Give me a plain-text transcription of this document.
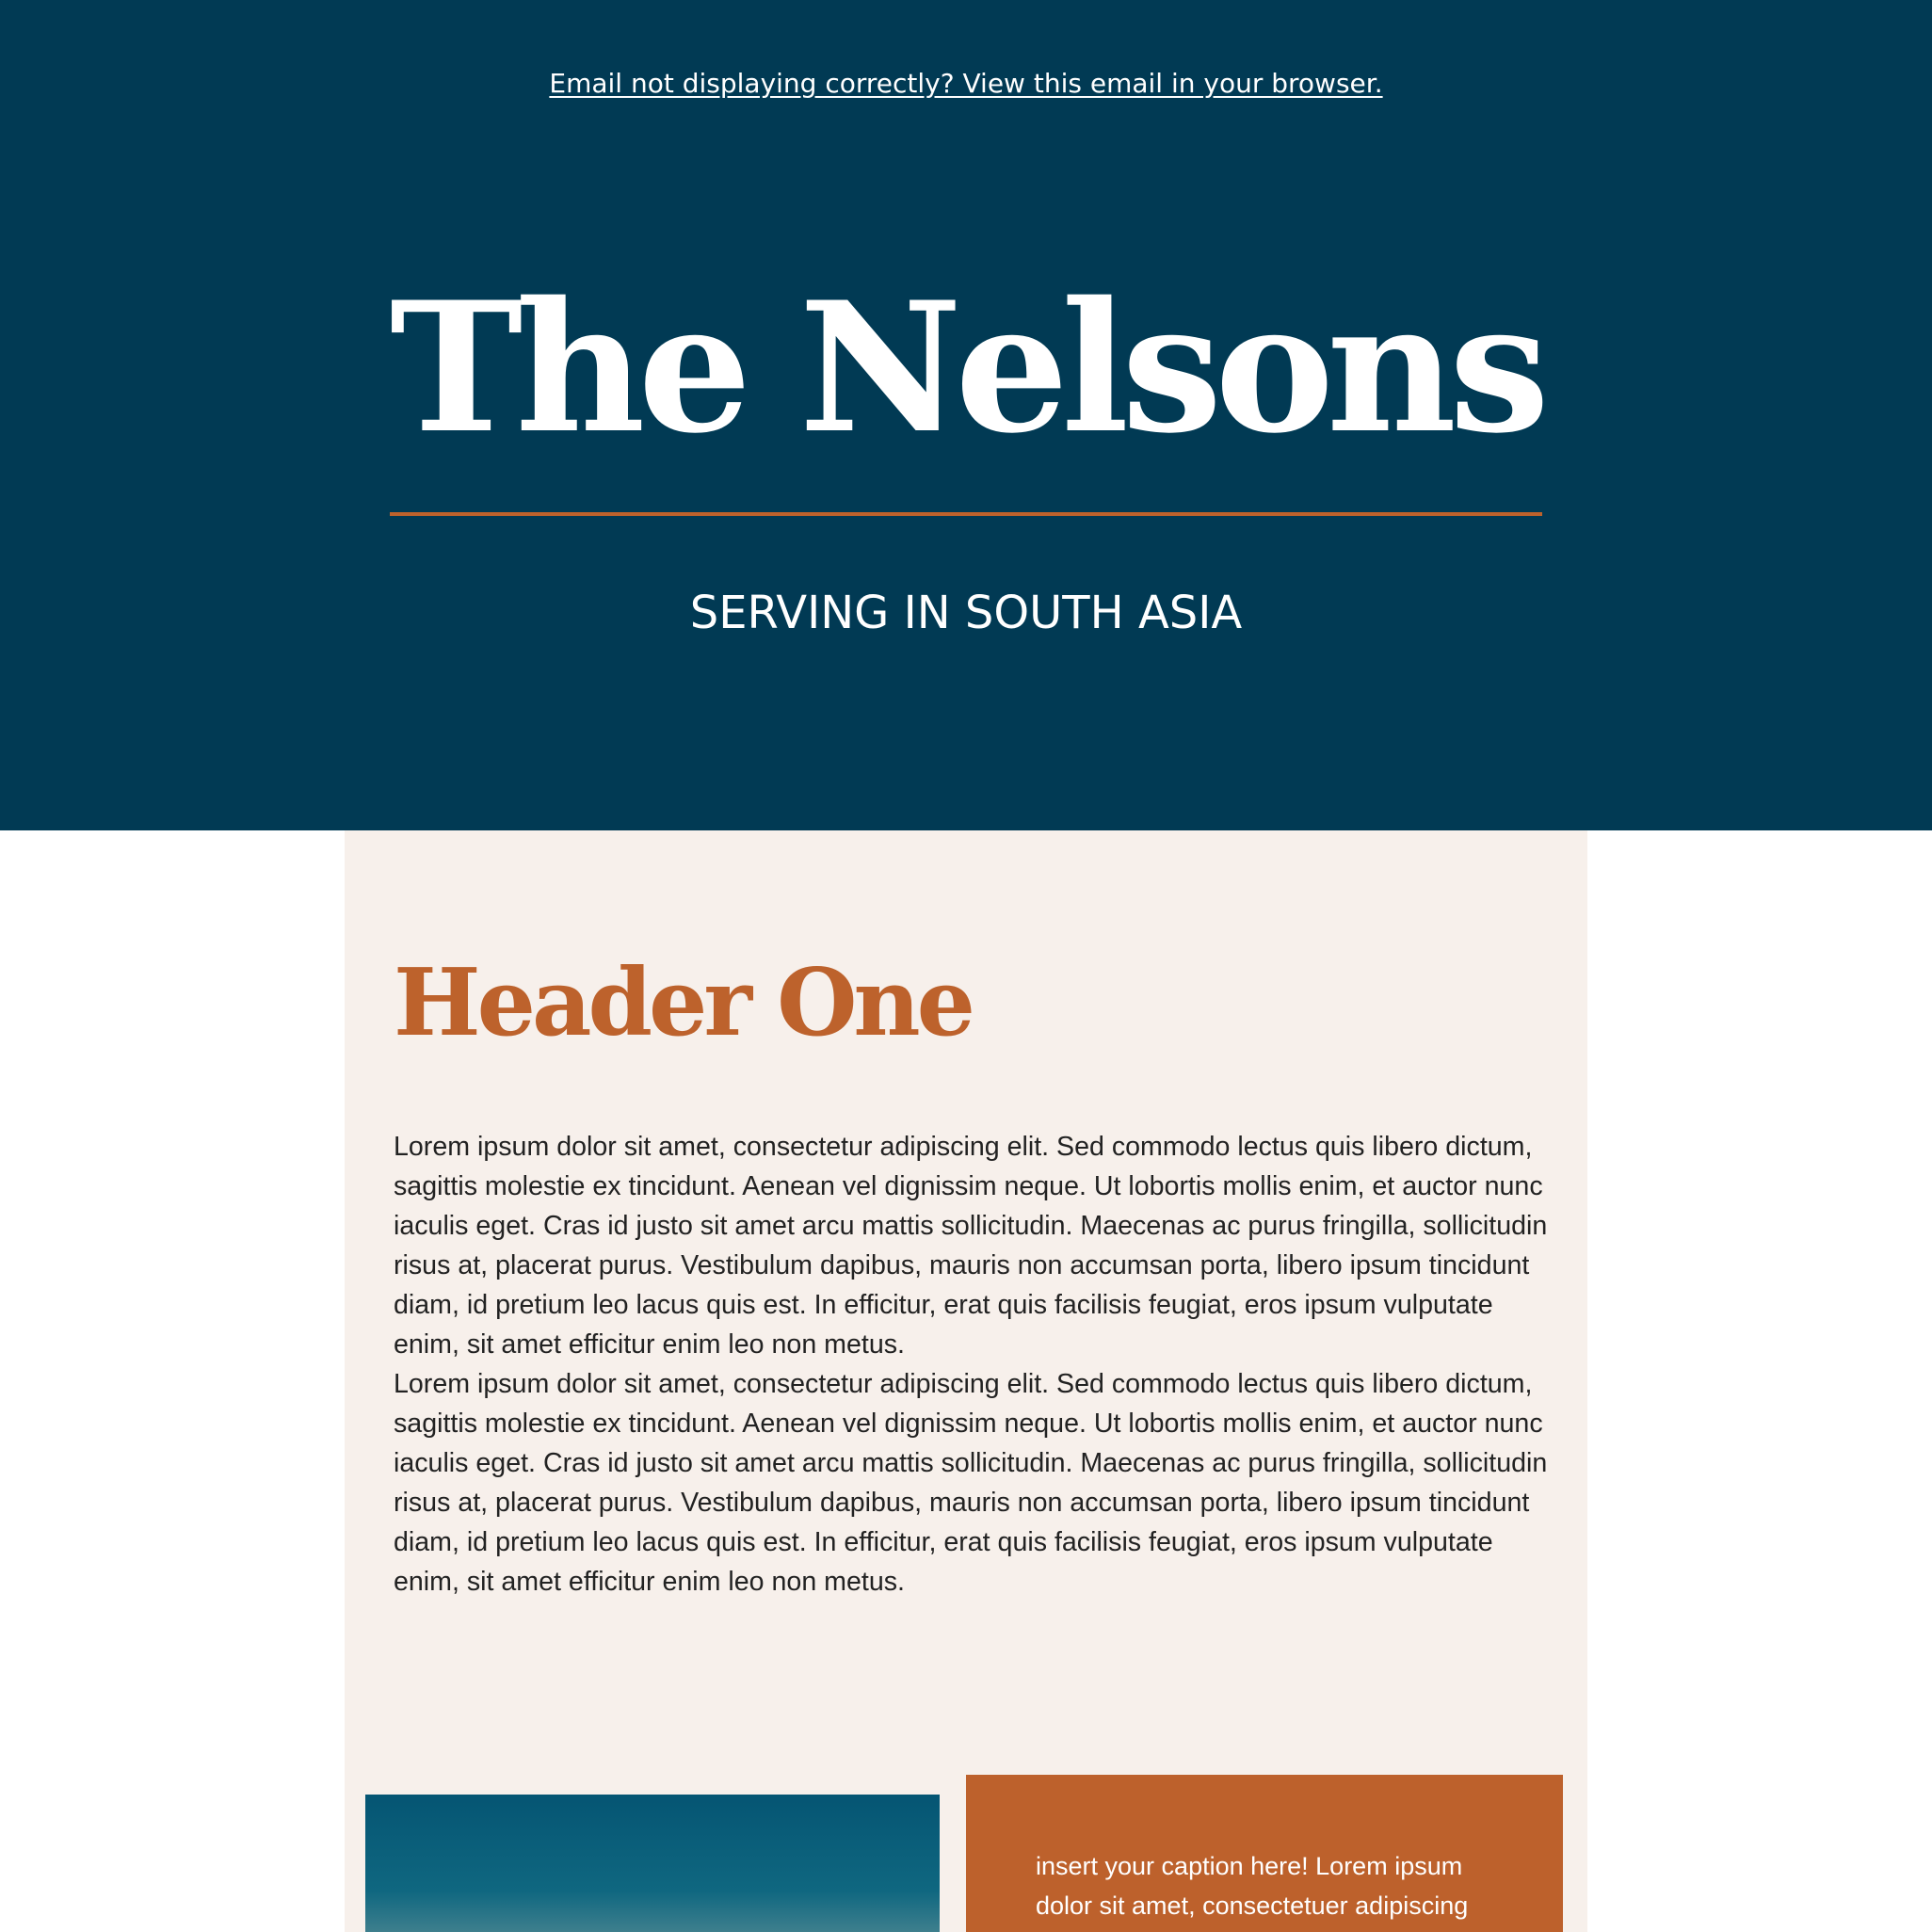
Email not displaying correctly? View this email in your browser.
The Nelsons
SERVING IN SOUTH ASIA
Header One

Lorem ipsum dolor sit amet, consectetur adipiscing elit. Sed commodo lectus quis libero dictum, sagittis molestie ex tincidunt. Aenean vel dignissim neque. Ut lobortis mollis enim, et auctor nunc iaculis eget. Cras id justo sit amet arcu mattis sollicitudin. Maecenas ac purus fringilla, sollicitudin risus at, placerat purus. Vestibulum dapibus, mauris non accumsan porta, libero ipsum tincidunt diam, id pretium leo lacus quis est. In efficitur, erat quis facilisis feugiat, eros ipsum vulputate enim, sit amet efficitur enim leo non metus.

Lorem ipsum dolor sit amet, consectetur adipiscing elit. Sed commodo lectus quis libero dictum, sagittis molestie ex tincidunt. Aenean vel dignissim neque. Ut lobortis mollis enim, et auctor nunc iaculis eget. Cras id justo sit amet arcu mattis sollicitudin. Maecenas ac purus fringilla, sollicitudin risus at, placerat purus. Vestibulum dapibus, mauris non accumsan porta, libero ipsum tincidunt diam, id pretium leo lacus quis est. In efficitur, erat quis facilisis feugiat, eros ipsum vulputate enim, sit amet efficitur enim leo non metus.

insert your caption here! Lorem ipsum dolor sit amet, consectetuer adipiscing
